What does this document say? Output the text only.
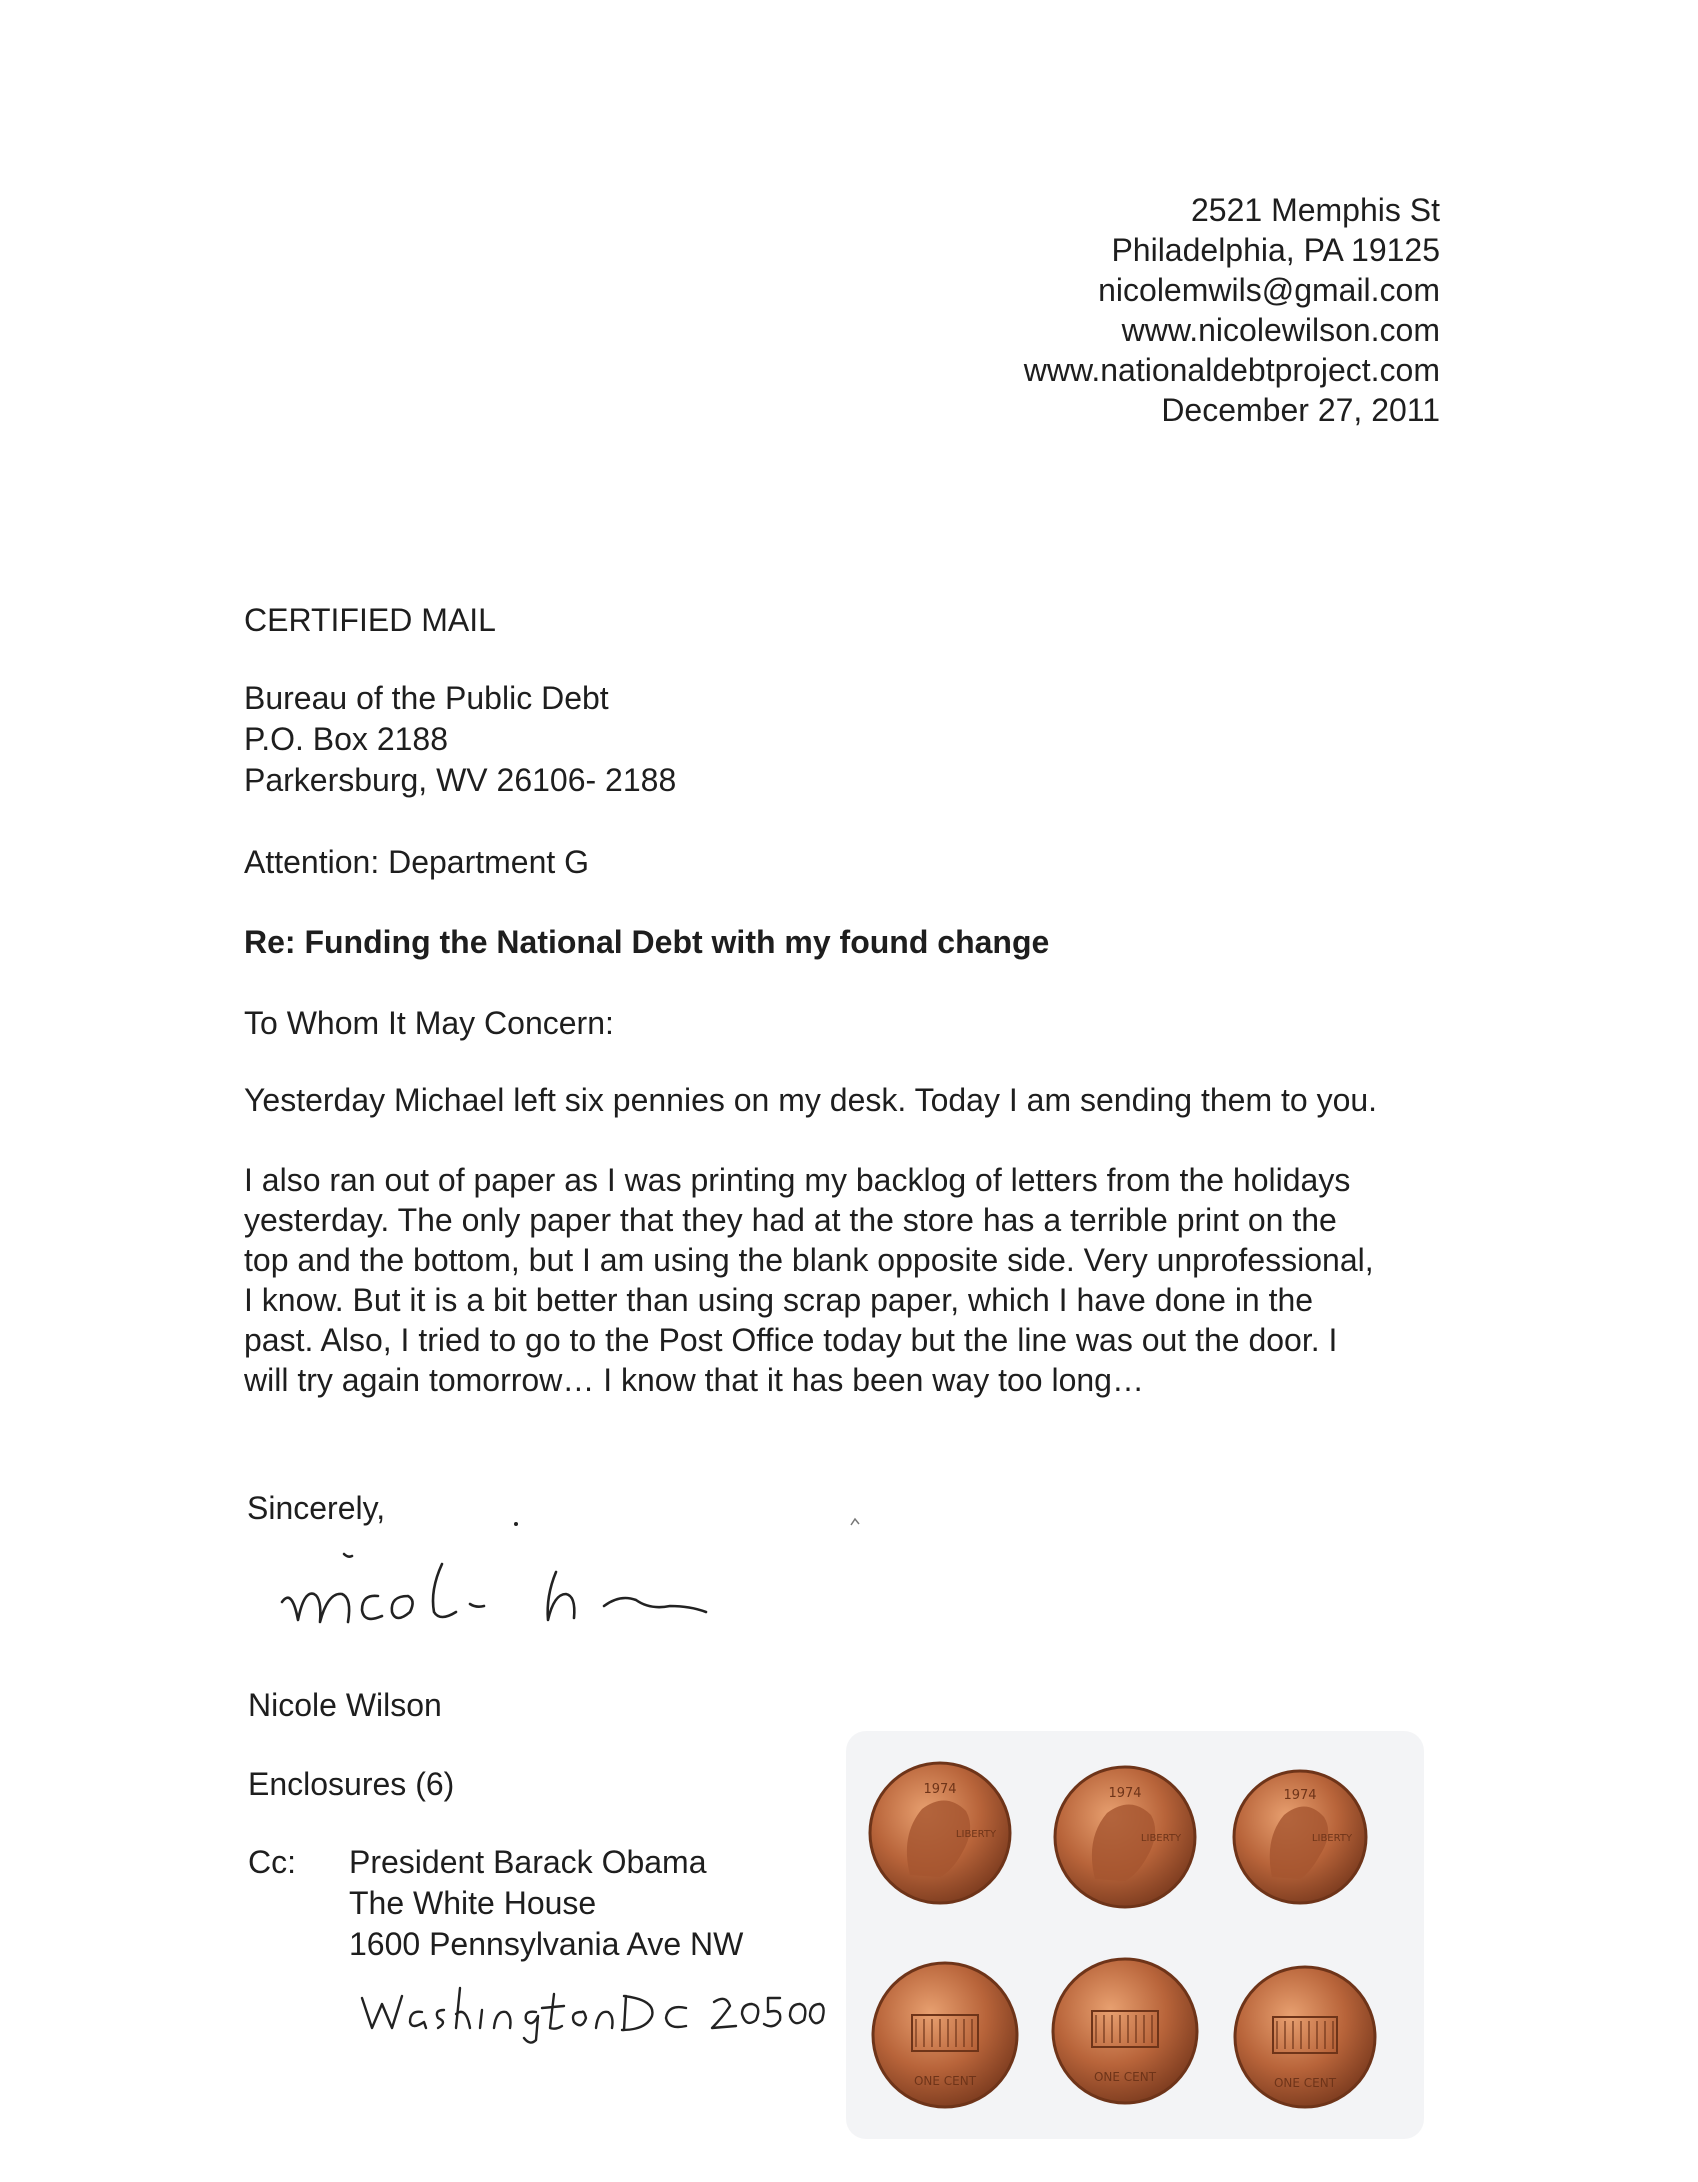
2521 Memphis St
Philadelphia, PA 19125
nicolemwils@gmail.com
www.nicolewilson.com
www.nationaldebtproject.com
December 27, 2011
CERTIFIED MAIL
Bureau of the Public Debt
P.O. Box 2188
Parkersburg, WV 26106- 2188
Attention: Department G
Re: Funding the National Debt with my found change
To Whom It May Concern:
Yesterday Michael left six pennies on my desk. Today I am sending them to you.
I also ran out of paper as I was printing my backlog of letters from the holidays
yesterday. The only paper that they had at the store has a terrible print on the
top and the bottom, but I am using the blank opposite side. Very unprofessional,
I know. But it is a bit better than using scrap paper, which I have done in the
past. Also, I tried to go to the Post Office today but the line was out the door. I
will try again tomorrow… I know that it has been way too long…
Sincerely,
Nicole Wilson
Enclosures (6)
Cc: President Barack Obama
The White House
1600 Pennsylvania Ave NW
1974	1974	1974
LIBERTY	LIBERTY	LIBERTY
ONE CENT	ONE CENT	ONE CENT
